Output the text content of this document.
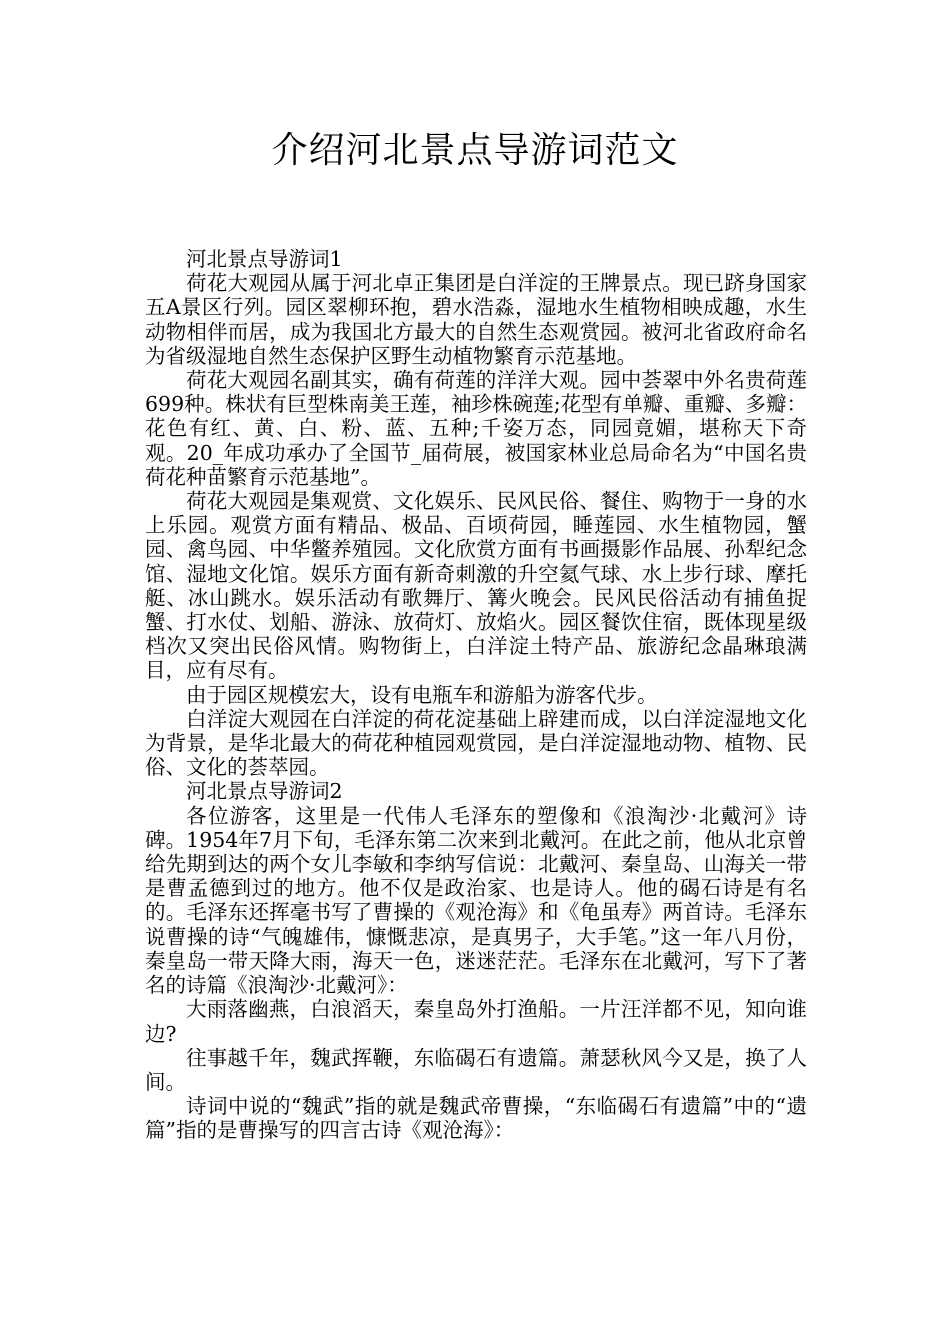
介绍河北景点导游词范文

河北景点导游词1

荷花大观园从属于河北卓正集团是白洋淀的王牌景点。现已跻身国家五A景区行列。园区翠柳环抱，碧水浩淼，湿地水生植物相映成趣，水生动物相伴而居，成为我国北方最大的自然生态观赏园。被河北省政府命名为省级湿地自然生态保护区野生动植物繁育示范基地。

荷花大观园名副其实，确有荷莲的洋洋大观。园中荟翠中外名贵荷莲699种。株状有巨型株南美王莲，袖珍株碗莲;花型有单瓣、重瓣、多瓣：花色有红、黄、白、粉、蓝、五种;千姿万态，同园竟媚，堪称天下奇观。20_年成功承办了全国节_届荷展，被国家林业总局命名为“中国名贵荷花种苗繁育示范基地”。

荷花大观园是集观赏、文化娱乐、民风民俗、餐住、购物于一身的水上乐园。观赏方面有精品、极品、百顷荷园，睡莲园、水生植物园，蟹园、禽鸟园、中华鳖养殖园。文化欣赏方面有书画摄影作品展、孙犁纪念馆、湿地文化馆。娱乐方面有新奇刺激的升空氦气球、水上步行球、摩托艇、冰山跳水。娱乐活动有歌舞厅、篝火晚会。民风民俗活动有捕鱼捉蟹、打水仗、划船、游泳、放荷灯、放焰火。园区餐饮住宿，既体现星级档次又突出民俗风情。购物街上，白洋淀土特产品、旅游纪念晶琳琅满目，应有尽有。

由于园区规模宏大，设有电瓶车和游船为游客代步。

白洋淀大观园在白洋淀的荷花淀基础上辟建而成，以白洋淀湿地文化为背景，是华北最大的荷花种植园观赏园，是白洋淀湿地动物、植物、民俗、文化的荟萃园。

河北景点导游词2

各位游客，这里是一代伟人毛泽东的塑像和《浪淘沙·北戴河》诗碑。1954年7月下旬，毛泽东第二次来到北戴河。在此之前，他从北京曾给先期到达的两个女儿李敏和李纳写信说：北戴河、秦皇岛、山海关一带是曹孟德到过的地方。他不仅是政治家、也是诗人。他的碣石诗是有名的。毛泽东还挥毫书写了曹操的《观沧海》和《龟虽寿》两首诗。毛泽东说曹操的诗“气魄雄伟，慷慨悲凉，是真男子，大手笔。”这一年八月份，秦皇岛一带天降大雨，海天一色，迷迷茫茫。毛泽东在北戴河，写下了著名的诗篇《浪淘沙·北戴河》：

大雨落幽燕，白浪滔天，秦皇岛外打渔船。一片汪洋都不见，知向谁边?

往事越千年，魏武挥鞭，东临碣石有遗篇。萧瑟秋风今又是，换了人间。

诗词中说的“魏武”指的就是魏武帝曹操，“东临碣石有遗篇”中的“遗篇”指的是曹操写的四言古诗《观沧海》：
